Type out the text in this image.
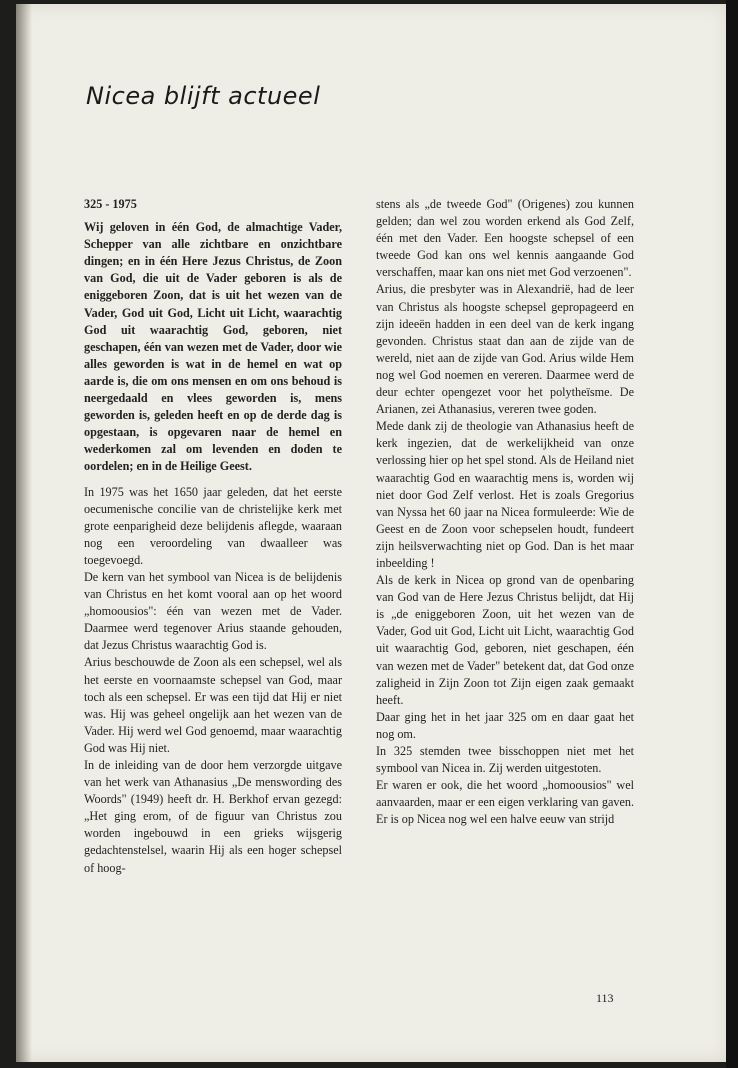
Nicea blijft actueel

325 - 1975

Wij geloven in één God, de almachtige Vader, Schepper van alle zichtbare en onzichtbare dingen; en in één Here Jezus Christus, de Zoon van God, die uit de Vader geboren is als de eniggeboren Zoon, dat is uit het wezen van de Vader, God uit God, Licht uit Licht, waarachtig God uit waarachtig God, geboren, niet geschapen, één van wezen met de Vader, door wie alles geworden is wat in de hemel en wat op aarde is, die om ons mensen en om ons behoud is neergedaald en vlees geworden is, mens geworden is, geleden heeft en op de derde dag is opgestaan, is opgevaren naar de hemel en wederkomen zal om levenden en doden te oordelen; en in de Heilige Geest.

In 1975 was het 1650 jaar geleden, dat het eerste oecumenische concilie van de christelijke kerk met grote eenparigheid deze belijdenis aflegde, waaraan nog een veroordeling van dwaalleer was toegevoegd.

De kern van het symbool van Nicea is de belijdenis van Christus en het komt vooral aan op het woord „homoousios": één van wezen met de Vader. Daarmee werd tegenover Arius staande gehouden, dat Jezus Christus waarachtig God is.

Arius beschouwde de Zoon als een schepsel, wel als het eerste en voornaamste schepsel van God, maar toch als een schepsel. Er was een tijd dat Hij er niet was. Hij was geheel ongelijk aan het wezen van de Vader. Hij werd wel God genoemd, maar waarachtig God was Hij niet.

In de inleiding van de door hem verzorgde uitgave van het werk van Athanasius „De menswording des Woords" (1949) heeft dr. H. Berkhof ervan gezegd: „Het ging erom, of de figuur van Christus zou worden ingebouwd in een grieks wijsgerig gedachtenstelsel, waarin Hij als een hoger schepsel of hoog-

stens als „de tweede God" (Origenes) zou kunnen gelden; dan wel zou worden erkend als God Zelf, één met den Vader. Een hoogste schepsel of een tweede God kan ons wel kennis aangaande God verschaffen, maar kan ons niet met God verzoenen".

Arius, die presbyter was in Alexandrië, had de leer van Christus als hoogste schepsel gepropageerd en zijn ideeën hadden in een deel van de kerk ingang gevonden. Christus staat dan aan de zijde van de wereld, niet aan de zijde van God. Arius wilde Hem nog wel God noemen en vereren. Daarmee werd de deur echter opengezet voor het polytheïsme. De Arianen, zei Athanasius, vereren twee goden.

Mede dank zij de theologie van Athanasius heeft de kerk ingezien, dat de werkelijkheid van onze verlossing hier op het spel stond. Als de Heiland niet waarachtig God en waarachtig mens is, worden wij niet door God Zelf verlost. Het is zoals Gregorius van Nyssa het 60 jaar na Nicea formuleerde: Wie de Geest en de Zoon voor schepselen houdt, fundeert zijn heilsverwachting niet op God. Dan is het maar inbeelding !

Als de kerk in Nicea op grond van de openbaring van God van de Here Jezus Christus belijdt, dat Hij is „de eniggeboren Zoon, uit het wezen van de Vader, God uit God, Licht uit Licht, waarachtig God uit waarachtig God, geboren, niet geschapen, één van wezen met de Vader" betekent dat, dat God onze zaligheid in Zijn Zoon tot Zijn eigen zaak gemaakt heeft.

Daar ging het in het jaar 325 om en daar gaat het nog om.

In 325 stemden twee bisschoppen niet met het symbool van Nicea in. Zij werden uitgestoten.

Er waren er ook, die het woord „homoousios" wel aanvaarden, maar er een eigen verklaring van gaven. Er is op Nicea nog wel een halve eeuw van strijd

113
